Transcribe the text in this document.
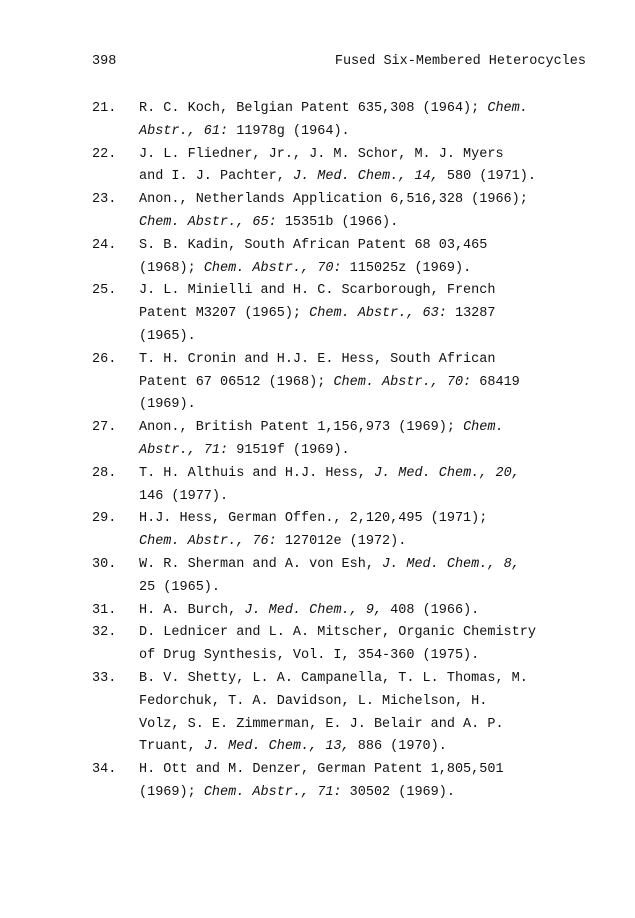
398	Fused Six-Membered Heterocycles
21. R. C. Koch, Belgian Patent 635,308 (1964); Chem.
Abstr., 61: 11978g (1964).
22. J. L. Fliedner, Jr., J. M. Schor, M. J. Myers
and I. J. Pachter, J. Med. Chem., 14, 580 (1971).
23. Anon., Netherlands Application 6,516,328 (1966);
Chem. Abstr., 65: 15351b (1966).
24. S. B. Kadin, South African Patent 68 03,465
(1968); Chem. Abstr., 70: 115025z (1969).
25. J. L. Minielli and H. C. Scarborough, French
Patent M3207 (1965); Chem. Abstr., 63: 13287
(1965).
26. T. H. Cronin and H.J. E. Hess, South African
Patent 67 06512 (1968); Chem. Abstr., 70: 68419
(1969).
27. Anon., British Patent 1,156,973 (1969); Chem.
Abstr., 71: 91519f (1969).
28. T. H. Althuis and H.J. Hess, J. Med. Chem., 20,
146 (1977).
29. H.J. Hess, German Offen., 2,120,495 (1971);
Chem. Abstr., 76: 127012e (1972).
30. W. R. Sherman and A. von Esh, J. Med. Chem., 8,
25 (1965).
31. H. A. Burch, J. Med. Chem., 9, 408 (1966).
32. D. Lednicer and L. A. Mitscher, Organic Chemistry
of Drug Synthesis, Vol. I, 354-360 (1975).
33. B. V. Shetty, L. A. Campanella, T. L. Thomas, M.
Fedorchuk, T. A. Davidson, L. Michelson, H.
Volz, S. E. Zimmerman, E. J. Belair and A. P.
Truant, J. Med. Chem., 13, 886 (1970).
34. H. Ott and M. Denzer, German Patent 1,805,501
(1969); Chem. Abstr., 71: 30502 (1969).
